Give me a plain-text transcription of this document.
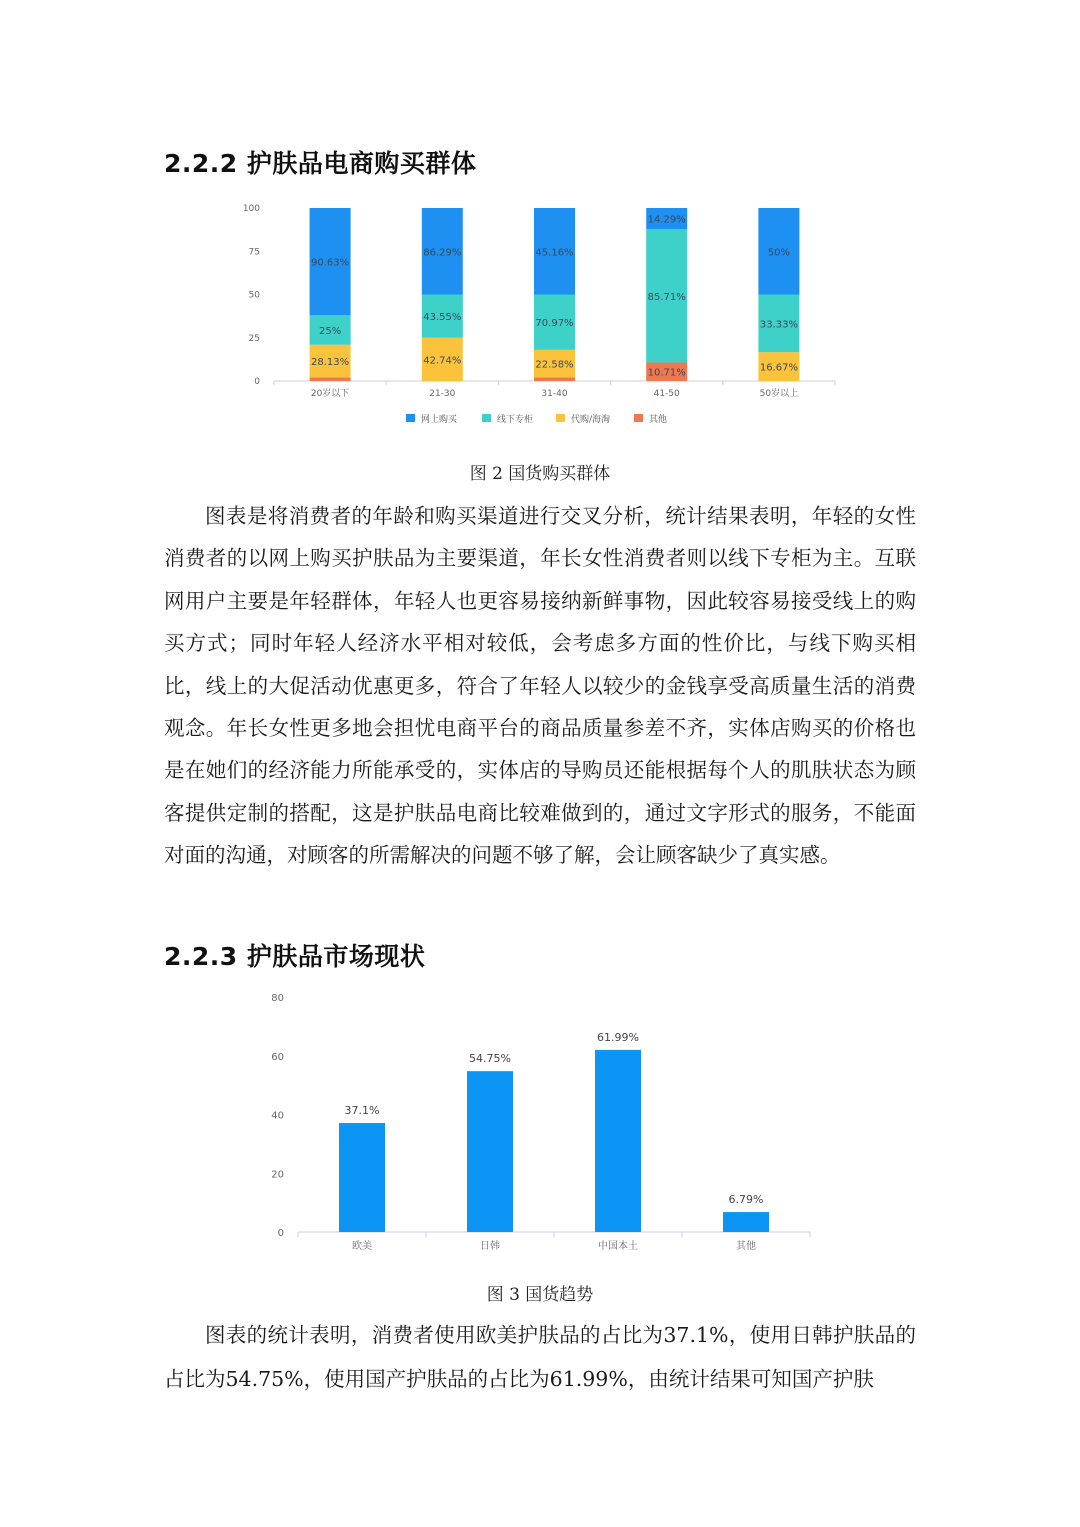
2.2.2 护肤品电商购买群体
0
25
50
75
100
28.13%
25%
90.63%
20岁以下
42.74%
43.55%
86.29%
21-30
22.58%
70.97%
45.16%
31-40
10.71%
85.71%
14.29%
41-50
16.67%
33.33%
50%
50岁以上
网上购买	线下专柜	代购/海淘	其他
图 2 国货购买群体
图表是将消费者的年龄和购买渠道进行交叉分析，统计结果表明，年轻的女性消费者的以网上购买护肤品为主要渠道，年长女性消费者则以线下专柜为主。互联网用户主要是年轻群体，年轻人也更容易接纳新鲜事物，因此较容易接受线上的购买方式；同时年轻人经济水平相对较低，会考虑多方面的性价比，与线下购买相比，线上的大促活动优惠更多，符合了年轻人以较少的金钱享受高质量生活的消费观念。年长女性更多地会担忧电商平台的商品质量参差不齐，实体店购买的价格也是在她们的经济能力所能承受的，实体店的导购员还能根据每个人的肌肤状态为顾客提供定制的搭配，这是护肤品电商比较难做到的，通过文字形式的服务，不能面对面的沟通，对顾客的所需解决的问题不够了解，会让顾客缺少了真实感。
2.2.3 护肤品市场现状
0
20
40
60
80
37.1%
欧美
54.75%
日韩
61.99%
中国本土
6.79%
其他
图 3 国货趋势
图表的统计表明，消费者使用欧美护肤品的占比为37.1%，使用日韩护肤品的占比为54.75%，使用国产护肤品的占比为61.99%，由统计结果可知国产护肤
